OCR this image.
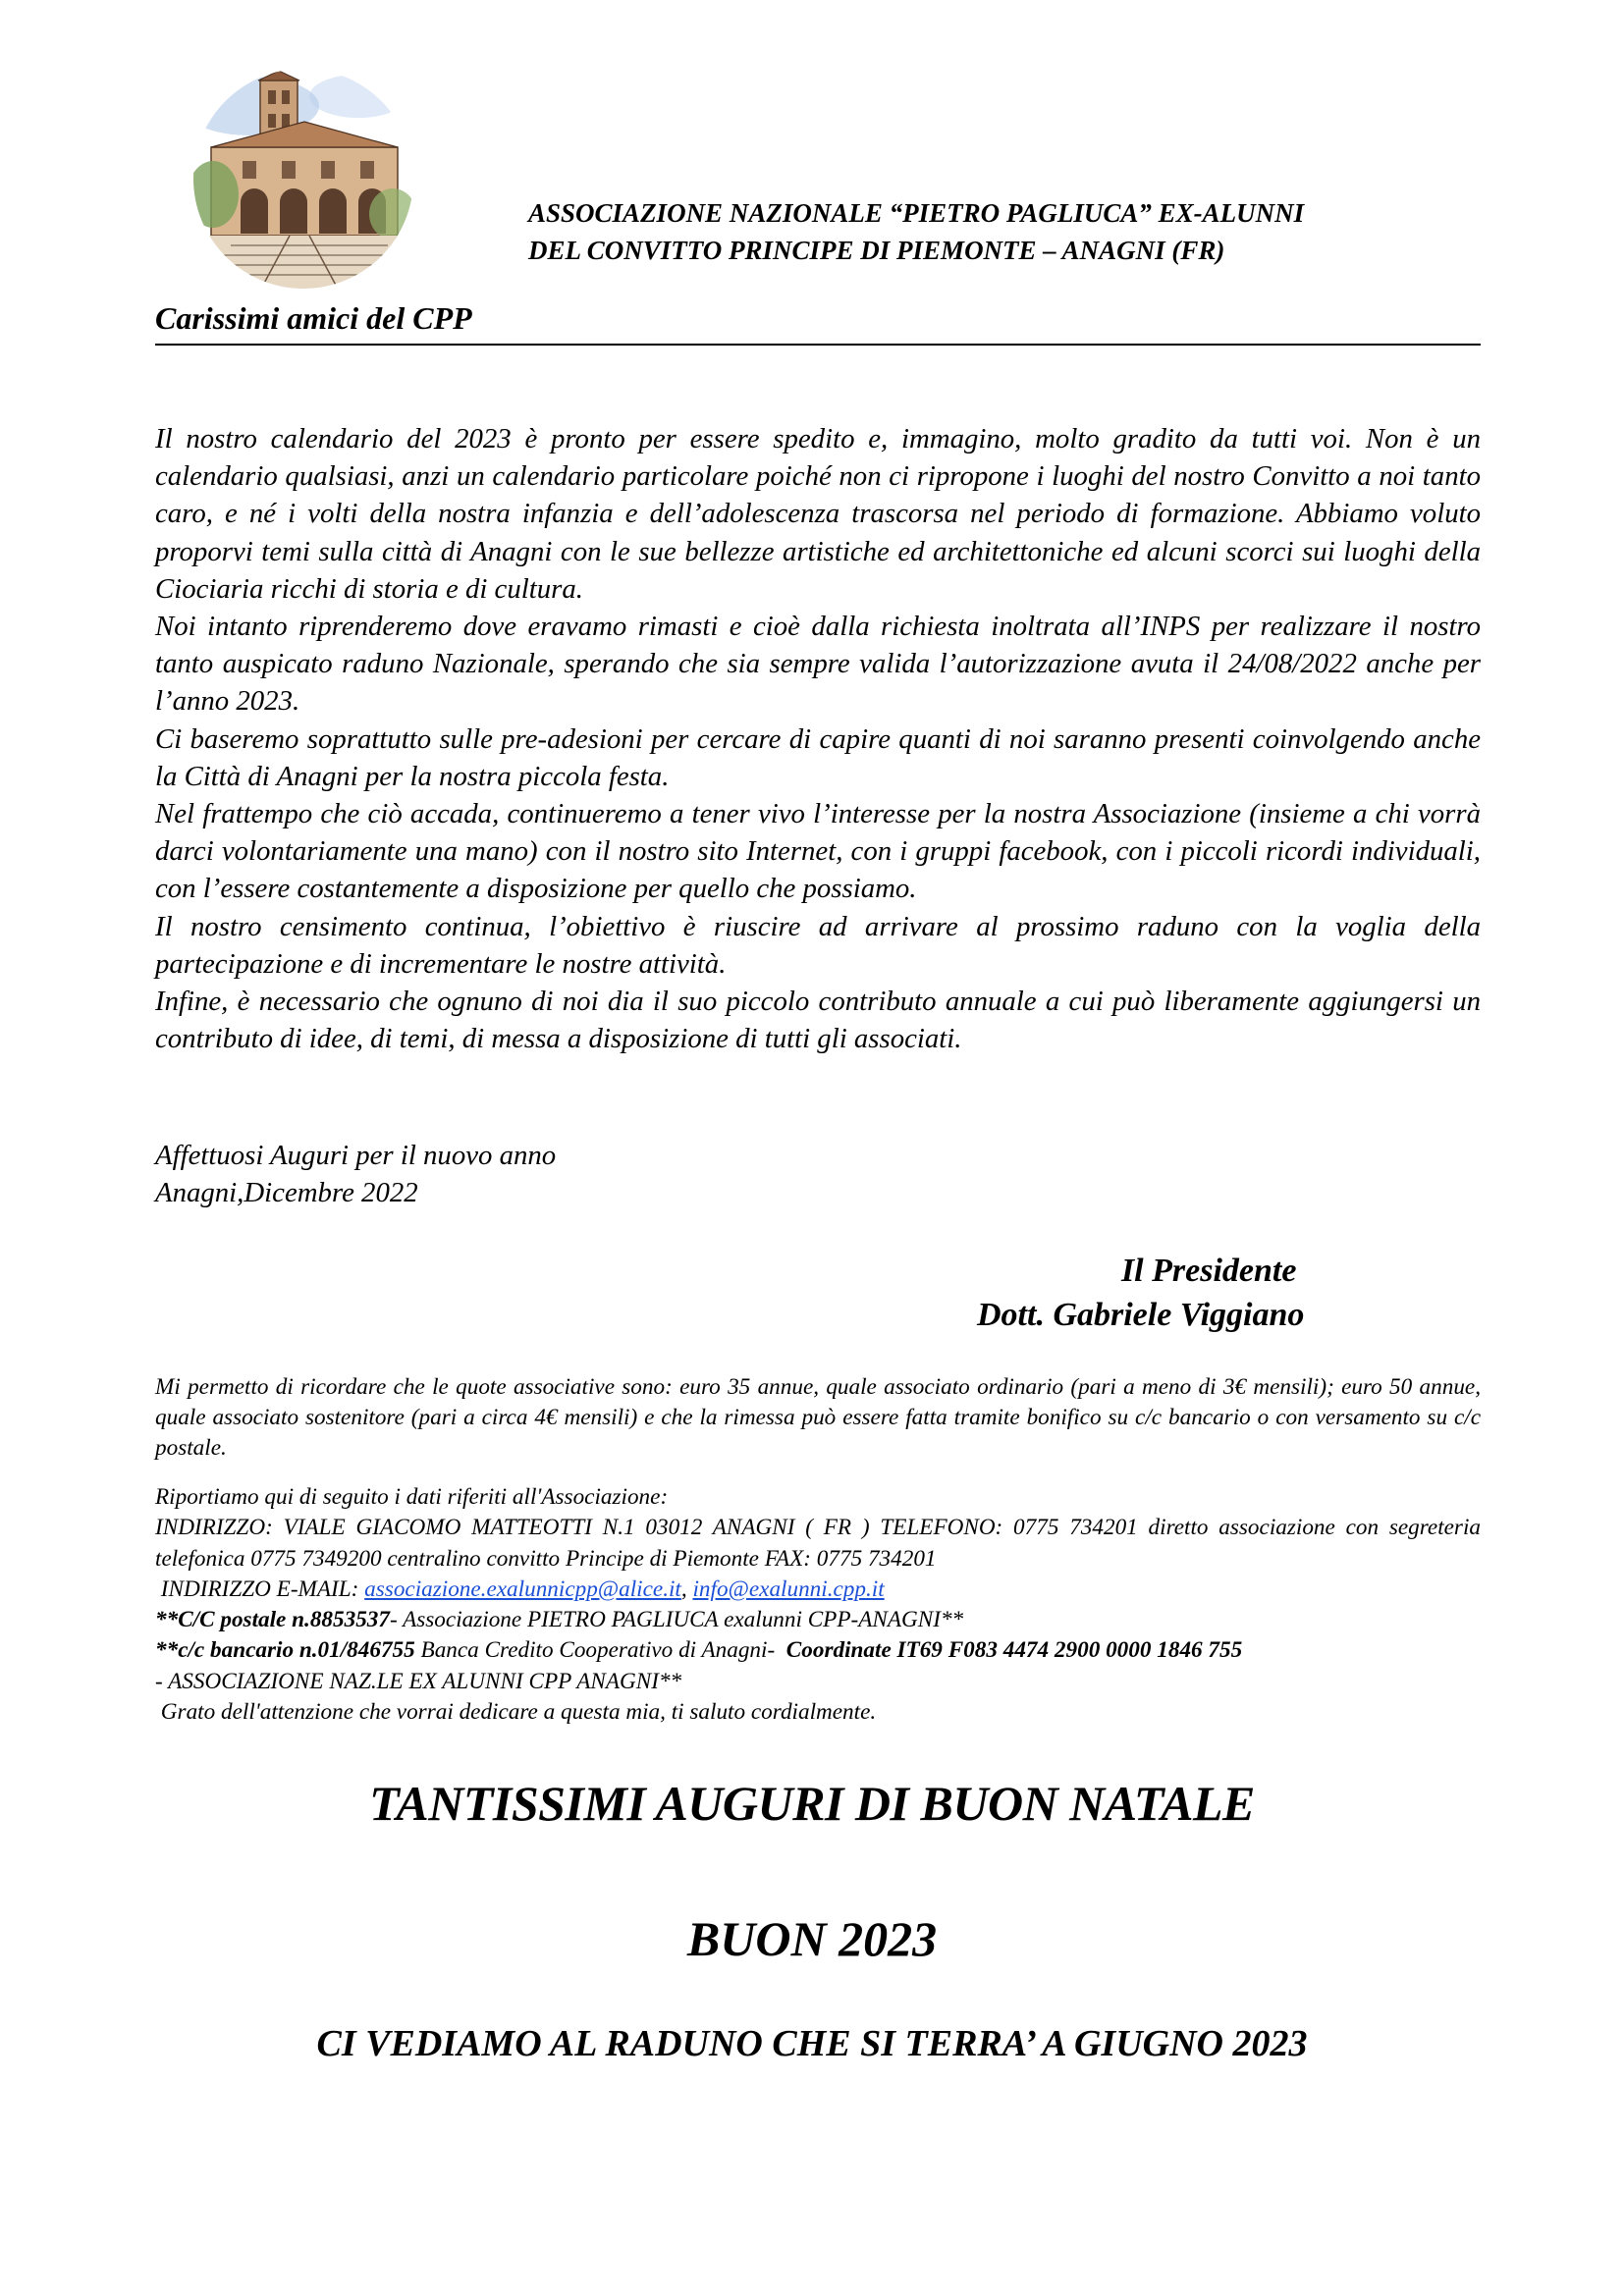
ASSOCIAZIONE NAZIONALE “PIETRO PAGLIUCA” EX-ALUNNI
DEL CONVITTO PRINCIPE DI PIEMONTE – ANAGNI (FR)
Carissimi amici del CPP

Il nostro calendario del 2023 è pronto per essere spedito e, immagino, molto gradito da tutti voi. Non è un calendario qualsiasi, anzi un calendario particolare poiché non ci ripropone i luoghi del nostro Convitto a noi tanto caro, e né i volti della nostra infanzia e dell’adolescenza trascorsa nel periodo di formazione. Abbiamo voluto proporvi temi sulla città di Anagni con le sue bellezze artistiche ed architettoniche ed alcuni scorci sui luoghi della Ciociaria ricchi di storia e di cultura.

Noi intanto riprenderemo dove eravamo rimasti e cioè dalla richiesta inoltrata all’INPS per realizzare il nostro tanto auspicato raduno Nazionale, sperando che sia sempre valida l’autorizzazione avuta il 24/08/2022 anche per l’anno 2023.

Ci baseremo soprattutto sulle pre-adesioni per cercare di capire quanti di noi saranno presenti coinvolgendo anche la Città di Anagni per la nostra piccola festa.

Nel frattempo che ciò accada, continueremo a tener vivo l’interesse per la nostra Associazione (insieme a chi vorrà darci volontariamente una mano) con il nostro sito Internet, con i gruppi facebook, con i piccoli ricordi individuali, con l’essere costantemente a disposizione per quello che possiamo.

Il nostro censimento continua, l’obiettivo è riuscire ad arrivare al prossimo raduno con la voglia della partecipazione e di incrementare le nostre attività.

Infine, è necessario che ognuno di noi dia il suo piccolo contributo annuale a cui può liberamente aggiungersi un contributo di idee, di temi, di messa a disposizione di tutti gli associati.

Affettuosi Auguri per il nuovo anno
Anagni,Dicembre 2022
Il Presidente
Dott. Gabriele Viggiano
Mi permetto di ricordare che le quote associative sono: euro 35 annue, quale associato ordinario (pari a meno di 3€ mensili); euro 50 annue, quale associato sostenitore (pari a circa 4€ mensili) e che la rimessa può essere fatta tramite bonifico su c/c bancario o con versamento su c/c postale.
Riportiamo qui di seguito i dati riferiti all'Associazione:
INDIRIZZO: VIALE GIACOMO MATTEOTTI N.1 03012 ANAGNI ( FR ) TELEFONO: 0775 734201 diretto associazione con segreteria telefonica 0775 7349200 centralino convitto Principe di Piemonte FAX: 0775 734201
INDIRIZZO E-MAIL: associazione.exalunnicpp@alice.it, info@exalunni.cpp.it
**C/C postale n.8853537- Associazione PIETRO PAGLIUCA exalunni CPP-ANAGNI**
**c/c bancario n.01/846755 Banca Credito Cooperativo di Anagni-  Coordinate IT69 F083 4474 2900 0000 1846 755
- ASSOCIAZIONE NAZ.LE EX ALUNNI CPP ANAGNI**
Grato dell'attenzione che vorrai dedicare a questa mia, ti saluto cordialmente.
TANTISSIMI AUGURI DI BUON NATALE
BUON 2023
CI VEDIAMO AL RADUNO CHE SI TERRA’ A GIUGNO 2023
